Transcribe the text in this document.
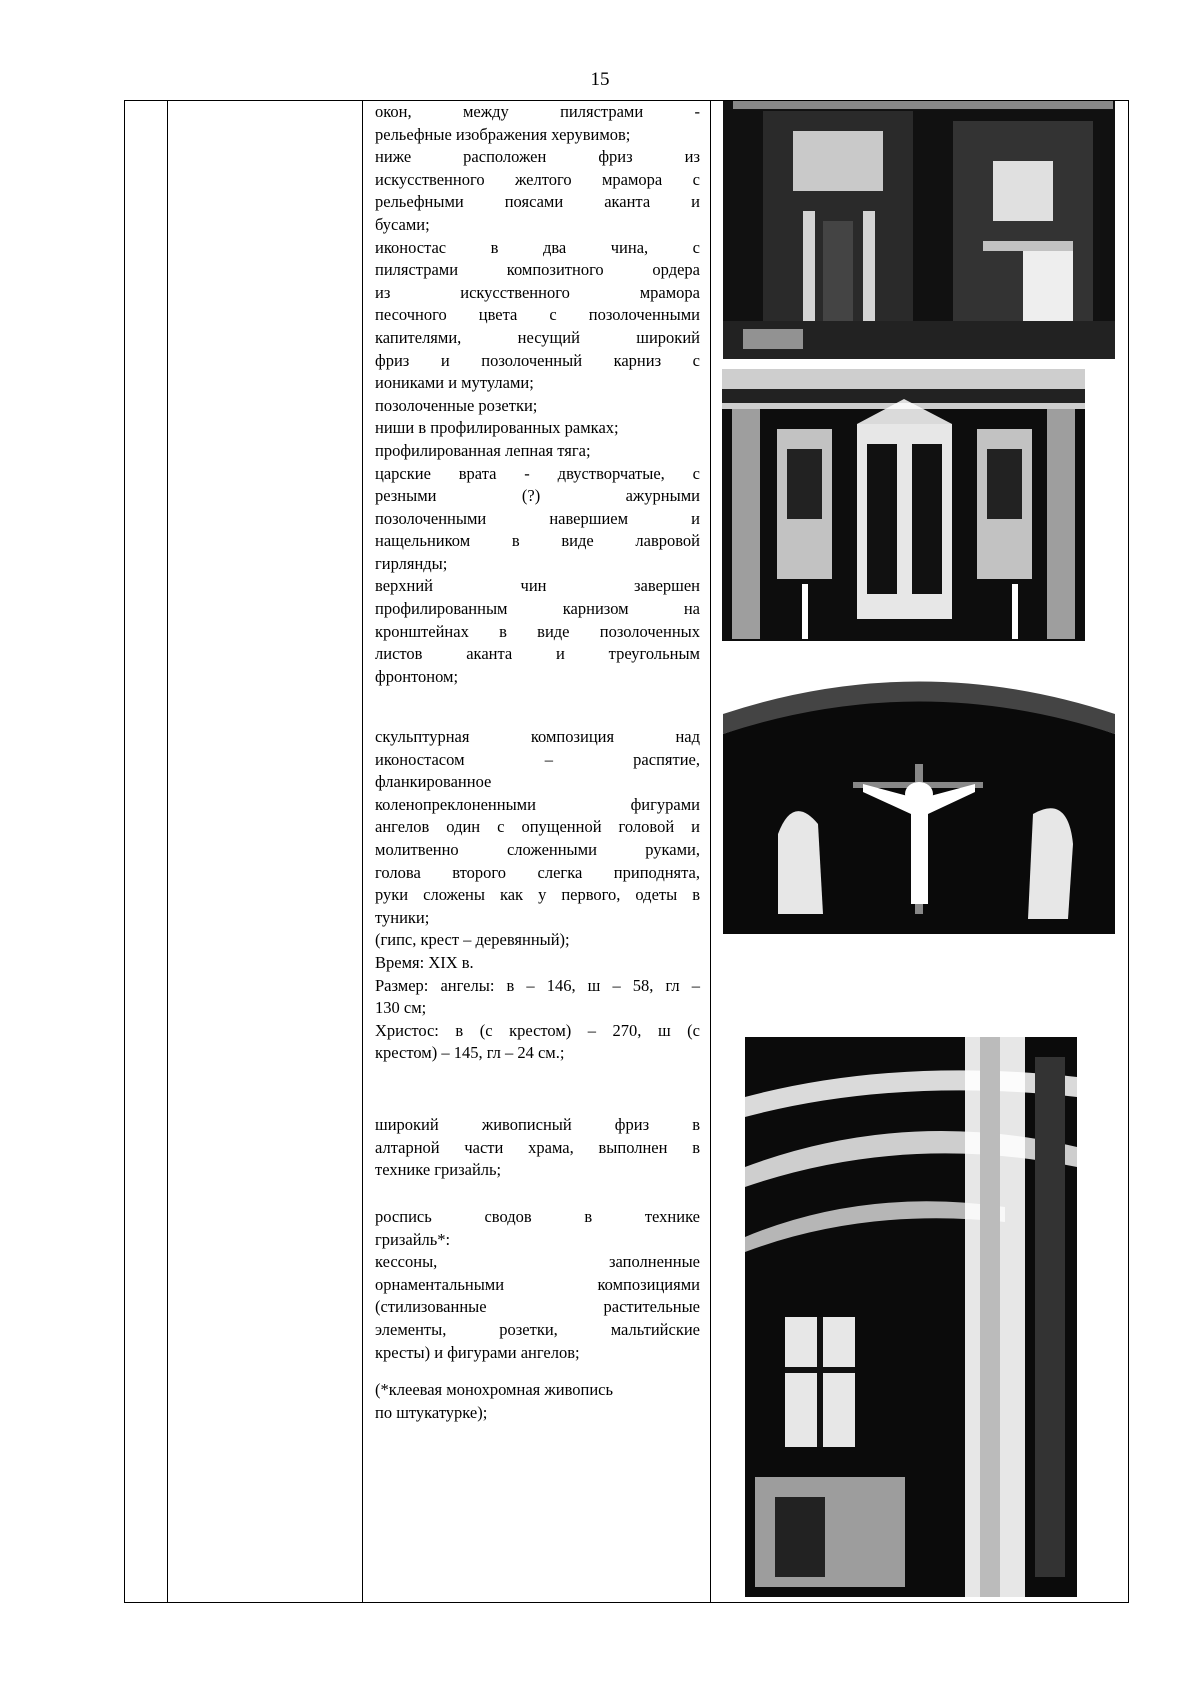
15
окон, между пилястрами -
рельефные изображения херувимов;
ниже расположен фриз из
искусственного желтого мрамора с
рельефными поясами аканта и
бусами;
иконостас в два чина, с
пилястрами композитного ордера
из искусственного мрамора
песочного цвета с позолоченными
капителями, несущий широкий
фриз и позолоченный карниз с
иониками и мутулами;
позолоченные розетки;
ниши в профилированных рамках;
профилированная лепная тяга;
царские врата - двустворчатые, с
резными (?) ажурными
позолоченными навершием и
нащельником в виде лавровой
гирлянды;
верхний чин завершен
профилированным карнизом на
кронштейнах в виде позолоченных
листов аканта и треугольным
фронтоном;
скульптурная композиция над
иконостасом – распятие,
фланкированное
коленопреклоненными фигурами
ангелов один с опущенной головой и
молитвенно сложенными руками,
голова второго слегка приподнята,
руки сложены как у первого, одеты в
туники;
(гипс, крест – деревянный);
Время: XIX в.
Размер: ангелы: в – 146, ш – 58, гл –
130 см;
Христос: в (с крестом) – 270, ш (с
крестом) – 145, гл – 24 см.;
широкий живописный фриз в
алтарной части храма, выполнен в
технике гризайль;
роспись сводов в технике
гризайль*:
кессоны, заполненные
орнаментальными композициями
(стилизованные растительные
элементы, розетки, мальтийские
кресты) и фигурами ангелов;
(*клеевая монохромная живопись
по штукатурке);
